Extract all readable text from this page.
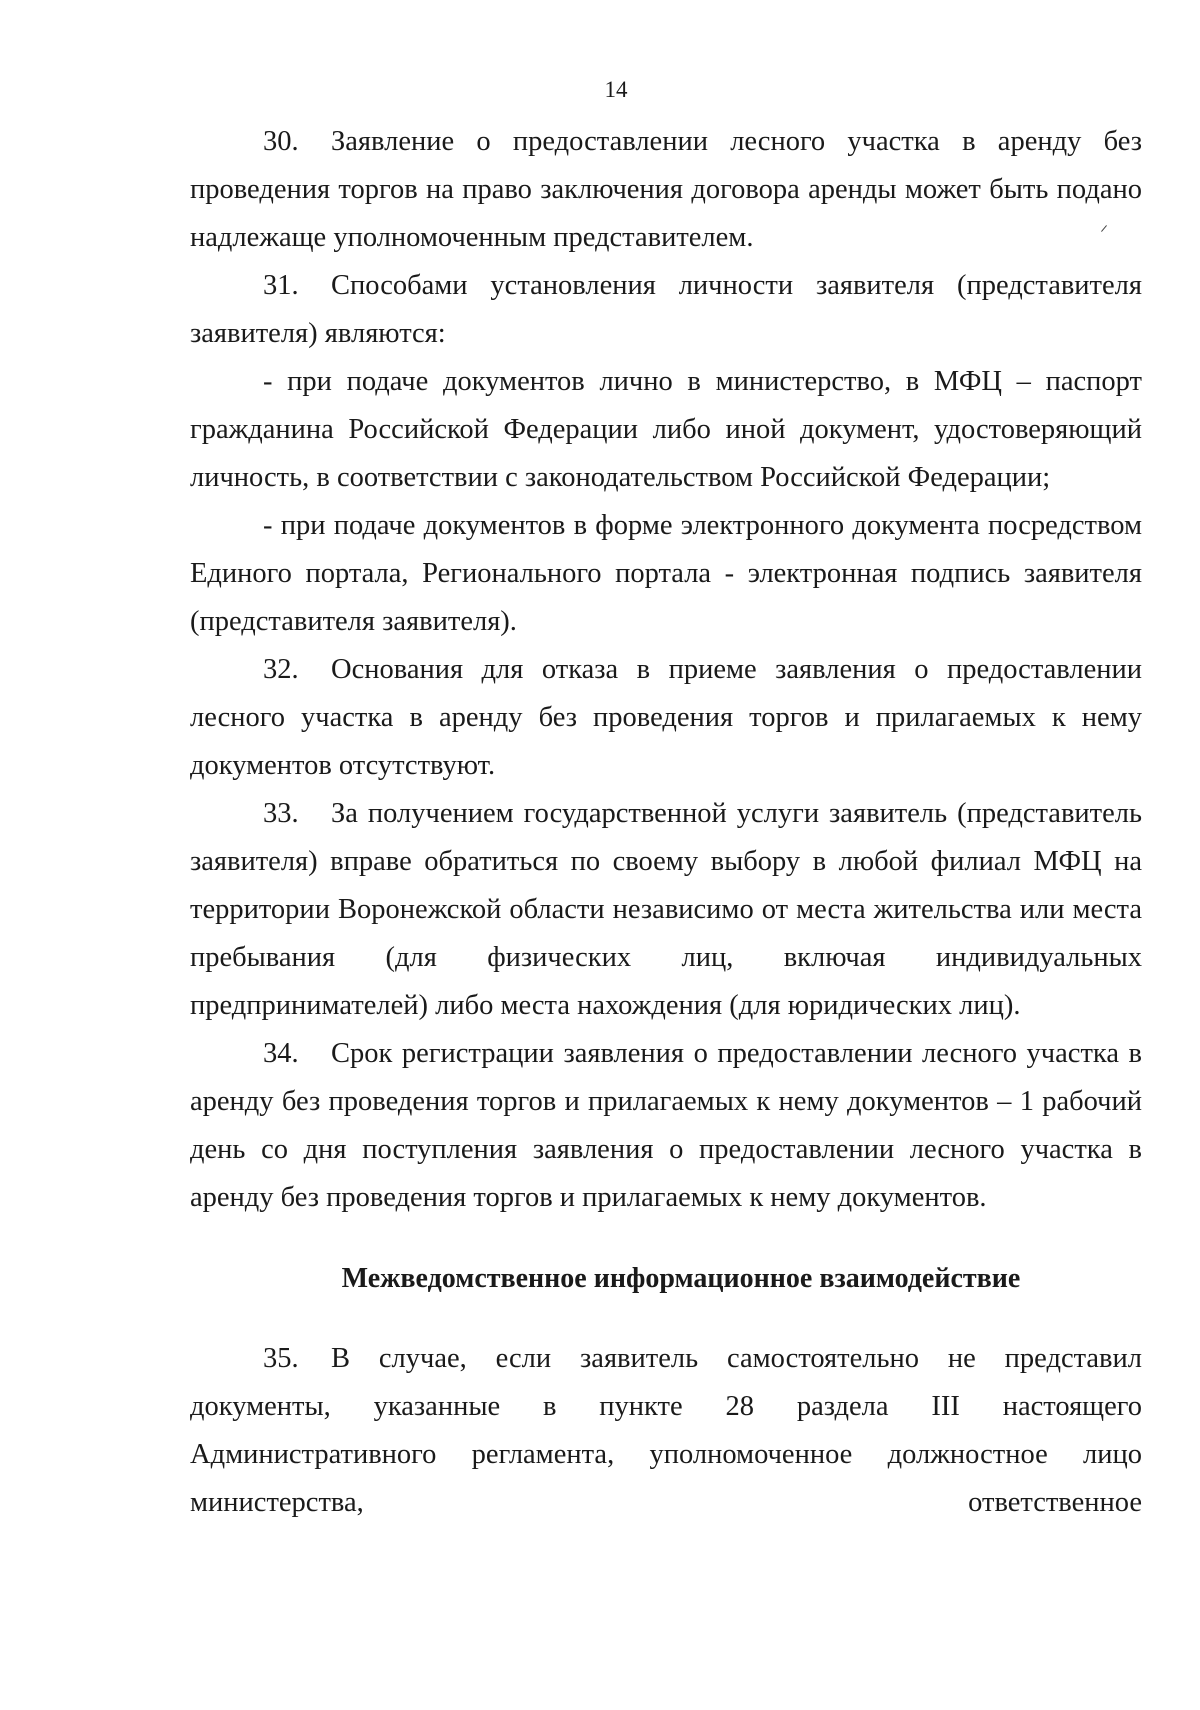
14

30. Заявление о предоставлении лесного участка в аренду без проведения торгов на право заключения договора аренды может быть подано надлежаще уполномоченным представителем.

31. Способами установления личности заявителя (представителя заявителя) являются:

- при подаче документов лично в министерство, в МФЦ – паспорт гражданина Российской Федерации либо иной документ, удостоверяющий личность, в соответствии с законодательством Российской Федерации;

- при подаче документов в форме электронного документа посредством Единого портала, Регионального портала - электронная подпись заявителя (представителя заявителя).

32. Основания для отказа в приеме заявления о предоставлении лесного участка в аренду без проведения торгов и прилагаемых к нему документов отсутствуют.

33. За получением государственной услуги заявитель (представитель заявителя) вправе обратиться по своему выбору в любой филиал МФЦ на территории Воронежской области независимо от места жительства или места пребывания (для физических лиц, включая индивидуальных предпринимателей) либо места нахождения (для юридических лиц).

34. Срок регистрации заявления о предоставлении лесного участка в аренду без проведения торгов и прилагаемых к нему документов – 1 рабочий день со дня поступления заявления о предоставлении лесного участка в аренду без проведения торгов и прилагаемых к нему документов.

Межведомственное информационное взаимодействие

35. В случае, если заявитель самостоятельно не представил документы, указанные в пункте 28 раздела III настоящего Административного регламента, уполномоченное должностное лицо министерства, ответственное
